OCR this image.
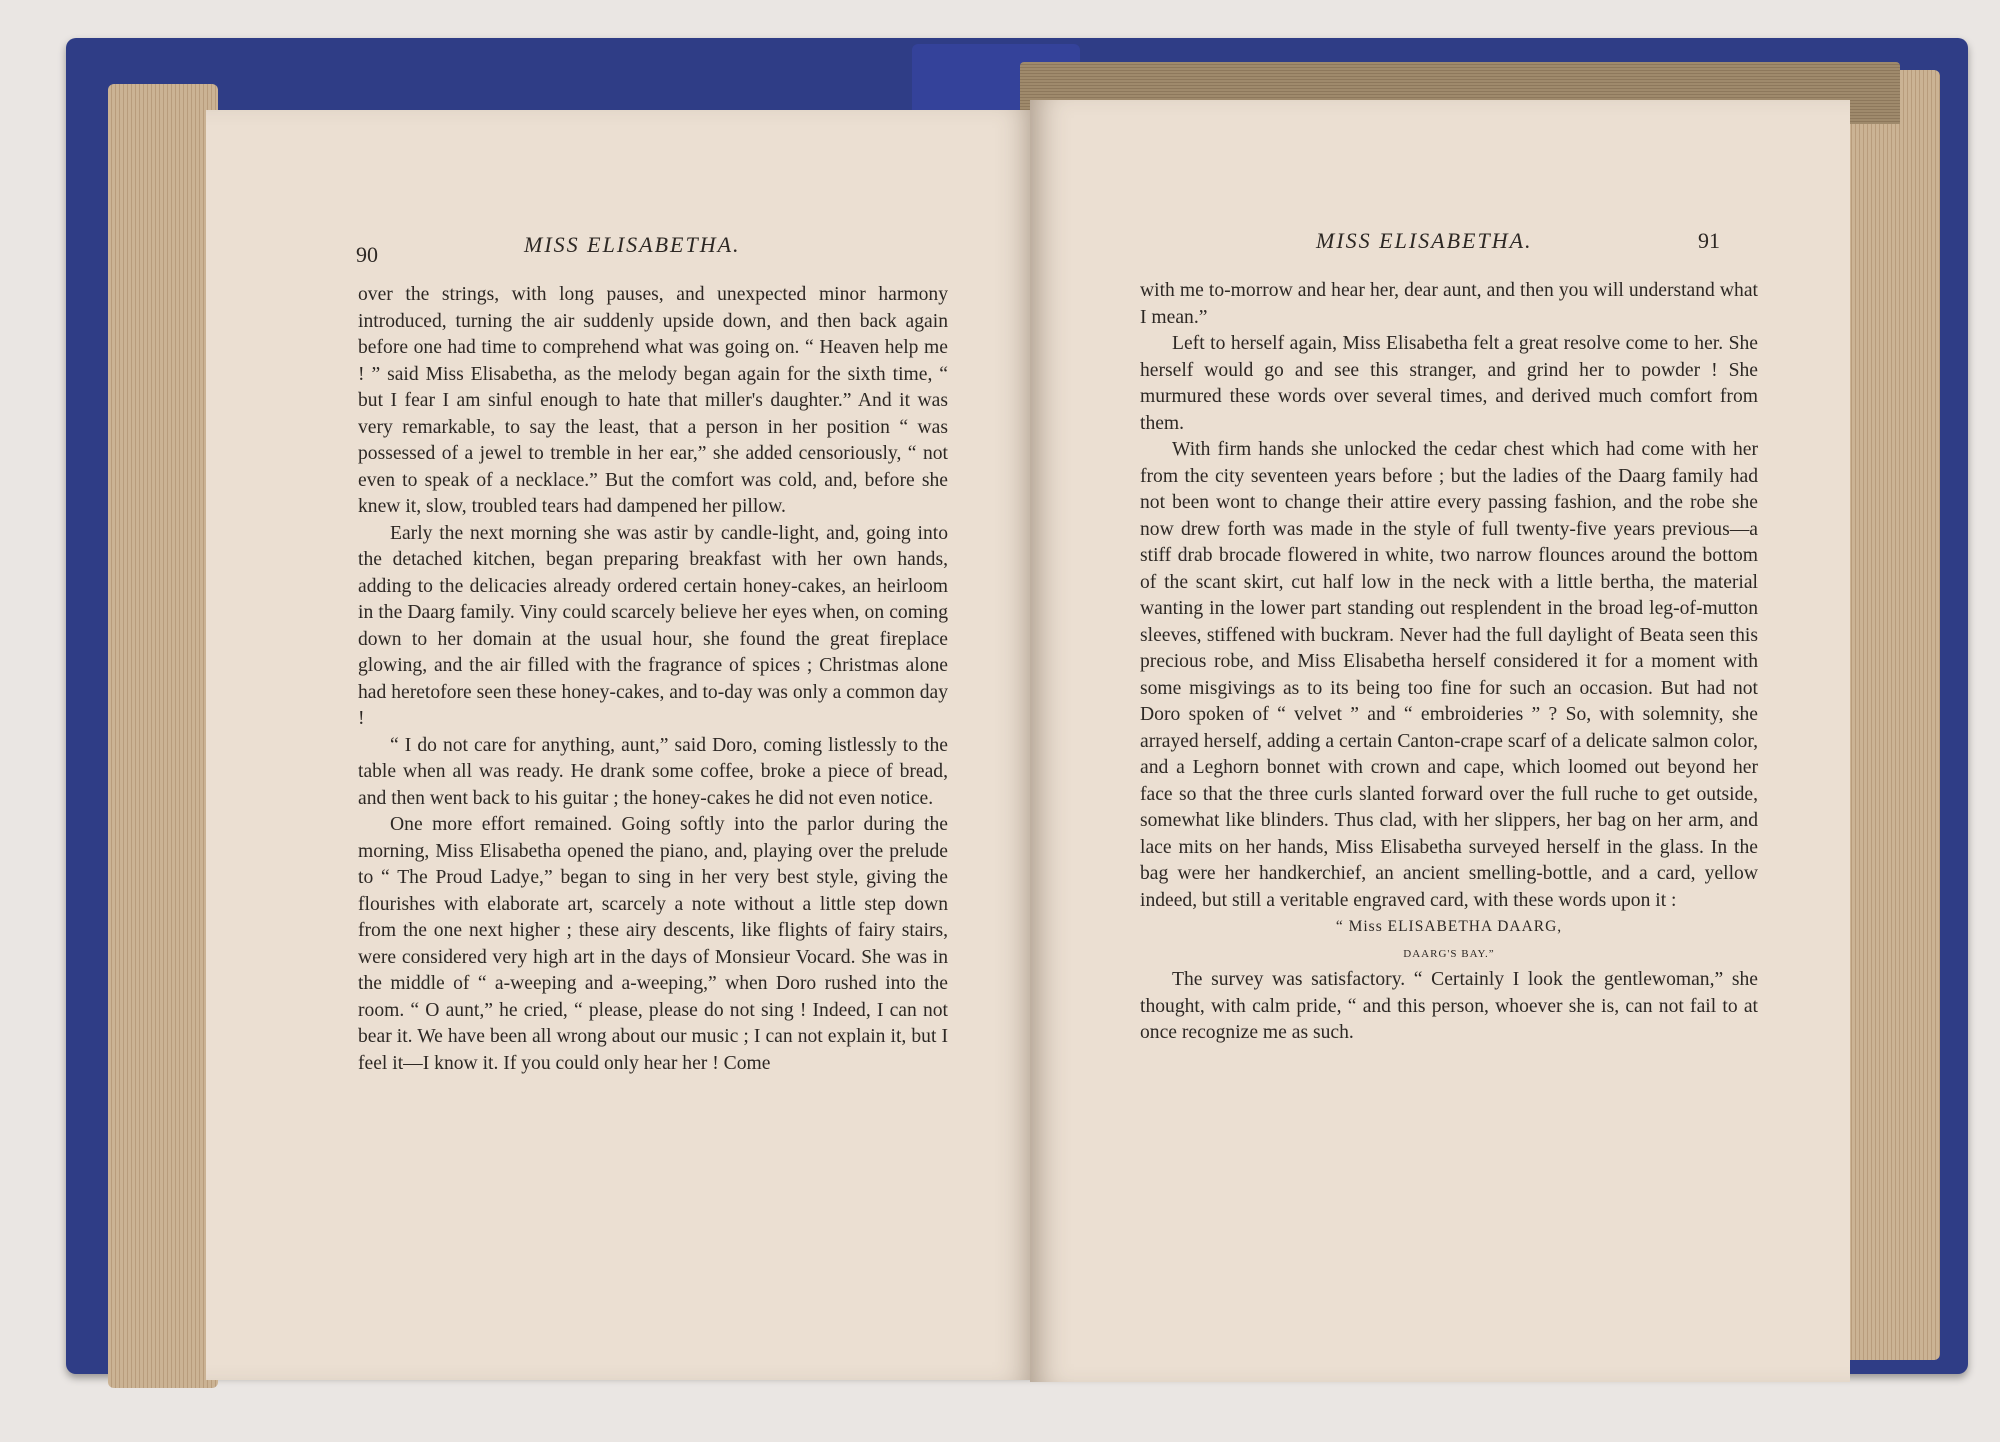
90	MISS ELISABETHA.

over the strings, with long pauses, and unexpected minor harmony introduced, turning the air suddenly upside down, and then back again before one had time to comprehend what was going on. “ Heaven help me ! ” said Miss Elisabetha, as the melody began again for the sixth time, “ but I fear I am sinful enough to hate that miller's daughter.” And it was very remarkable, to say the least, that a person in her position “ was possessed of a jewel to tremble in her ear,” she added censoriously, “ not even to speak of a necklace.” But the comfort was cold, and, before she knew it, slow, troubled tears had dampened her pillow.

Early the next morning she was astir by candle-light, and, going into the detached kitchen, began preparing breakfast with her own hands, adding to the delicacies already ordered certain honey-cakes, an heirloom in the Daarg family. Viny could scarcely believe her eyes when, on coming down to her domain at the usual hour, she found the great fireplace glowing, and the air filled with the fragrance of spices ; Christmas alone had heretofore seen these honey-cakes, and to-day was only a common day !

“ I do not care for anything, aunt,” said Doro, coming listlessly to the table when all was ready. He drank some coffee, broke a piece of bread, and then went back to his guitar ; the honey-cakes he did not even notice.

One more effort remained. Going softly into the parlor during the morning, Miss Elisabetha opened the piano, and, playing over the prelude to “ The Proud Ladye,” began to sing in her very best style, giving the flourishes with elaborate art, scarcely a note without a little step down from the one next higher ; these airy descents, like flights of fairy stairs, were considered very high art in the days of Monsieur Vocard. She was in the middle of “ a-weeping and a-weeping,” when Doro rushed into the room. “ O aunt,” he cried, “ please, please do not sing ! Indeed, I can not bear it. We have been all wrong about our music ; I can not explain it, but I feel it—I know it. If you could only hear her ! Come

MISS ELISABETHA.	91

with me to-morrow and hear her, dear aunt, and then you will understand what I mean.”

Left to herself again, Miss Elisabetha felt a great resolve come to her. She herself would go and see this stranger, and grind her to powder ! She murmured these words over several times, and derived much comfort from them.

With firm hands she unlocked the cedar chest which had come with her from the city seventeen years before ; but the ladies of the Daarg family had not been wont to change their attire every passing fashion, and the robe she now drew forth was made in the style of full twenty-five years previous—a stiff drab brocade flowered in white, two narrow flounces around the bottom of the scant skirt, cut half low in the neck with a little bertha, the material wanting in the lower part standing out resplendent in the broad leg-of-mutton sleeves, stiffened with buckram. Never had the full daylight of Beata seen this precious robe, and Miss Elisabetha herself considered it for a moment with some misgivings as to its being too fine for such an occasion. But had not Doro spoken of “ velvet ” and “ embroideries ” ? So, with solemnity, she arrayed herself, adding a certain Canton-crape scarf of a delicate salmon color, and a Leghorn bonnet with crown and cape, which loomed out beyond her face so that the three curls slanted forward over the full ruche to get outside, somewhat like blinders. Thus clad, with her slippers, her bag on her arm, and lace mits on her hands, Miss Elisabetha surveyed herself in the glass. In the bag were her handkerchief, an ancient smelling-bottle, and a card, yellow indeed, but still a veritable engraved card, with these words upon it :

“ Miss ELISABETHA DAARG,

DAARG'S BAY.”

The survey was satisfactory. “ Certainly I look the gentlewoman,” she thought, with calm pride, “ and this person, whoever she is, can not fail to at once recognize me as such.
